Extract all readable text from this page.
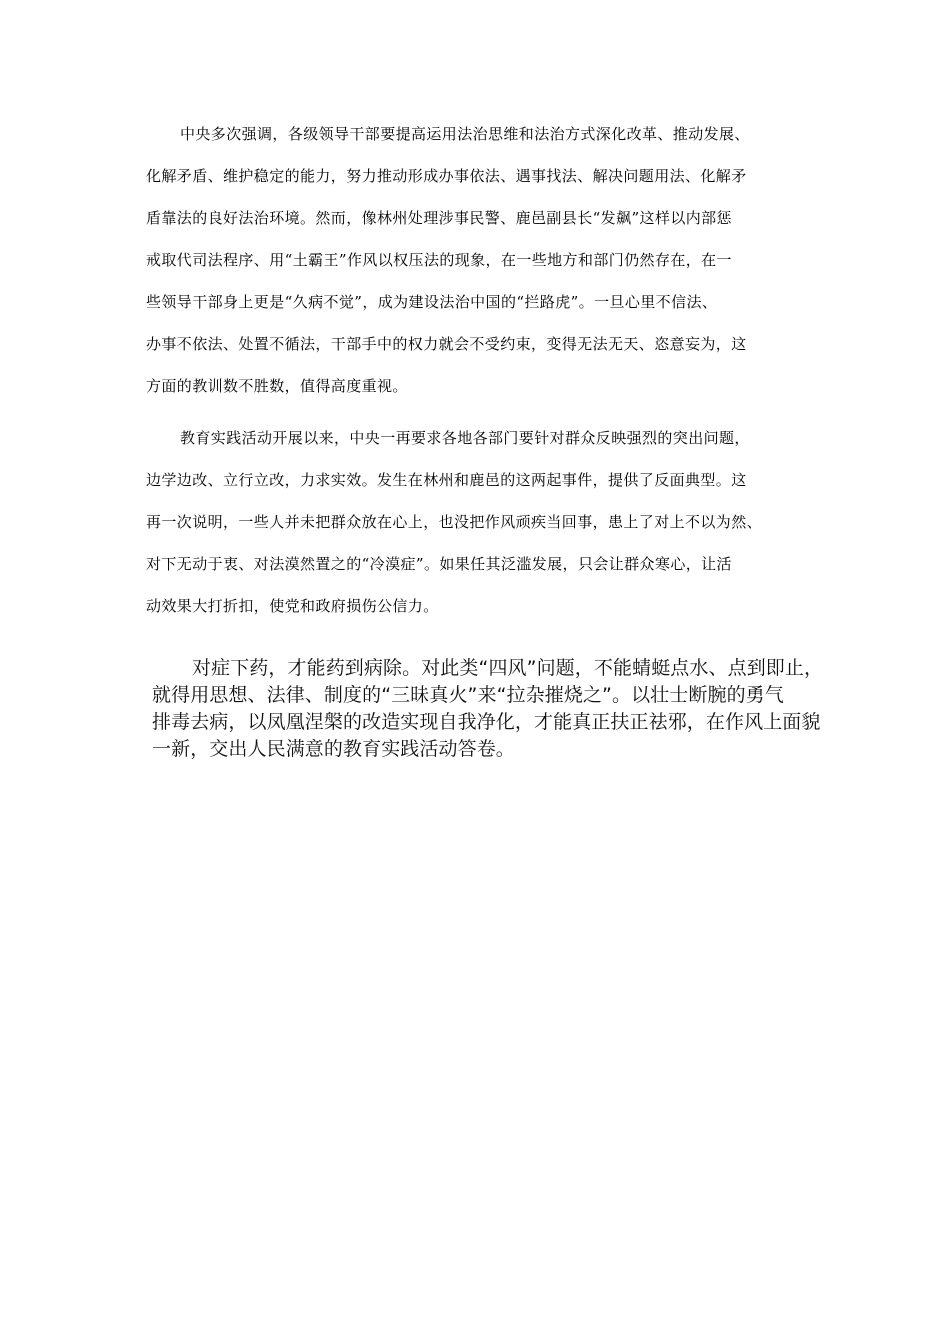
中央多次强调，各级领导干部要提高运用法治思维和法治方式深化改革、推动发展、
化解矛盾、维护稳定的能力，努力推动形成办事依法、遇事找法、解决问题用法、化解矛
盾靠法的良好法治环境。然而，像林州处理涉事民警、鹿邑副县长“发飙”这样以内部惩
戒取代司法程序、用“土霸王”作风以权压法的现象，在一些地方和部门仍然存在，在一
些领导干部身上更是“久病不觉”，成为建设法治中国的“拦路虎”。一旦心里不信法、
办事不依法、处置不循法，干部手中的权力就会不受约束，变得无法无天、恣意妄为，这
方面的教训数不胜数，值得高度重视。
教育实践活动开展以来，中央一再要求各地各部门要针对群众反映强烈的突出问题，
边学边改、立行立改，力求实效。发生在林州和鹿邑的这两起事件，提供了反面典型。这
再一次说明，一些人并未把群众放在心上，也没把作风顽疾当回事，患上了对上不以为然、
对下无动于衷、对法漠然置之的“冷漠症”。如果任其泛滥发展，只会让群众寒心，让活
动效果大打折扣，使党和政府损伤公信力。
对症下药，才能药到病除。对此类“四风”问题，不能蜻蜓点水、点到即止，
就得用思想、法律、制度的“三昧真火”来“拉杂摧烧之”。以壮士断腕的勇气
排毒去病，以凤凰涅槃的改造实现自我净化，才能真正扶正祛邪，在作风上面貌
一新，交出人民满意的教育实践活动答卷。
